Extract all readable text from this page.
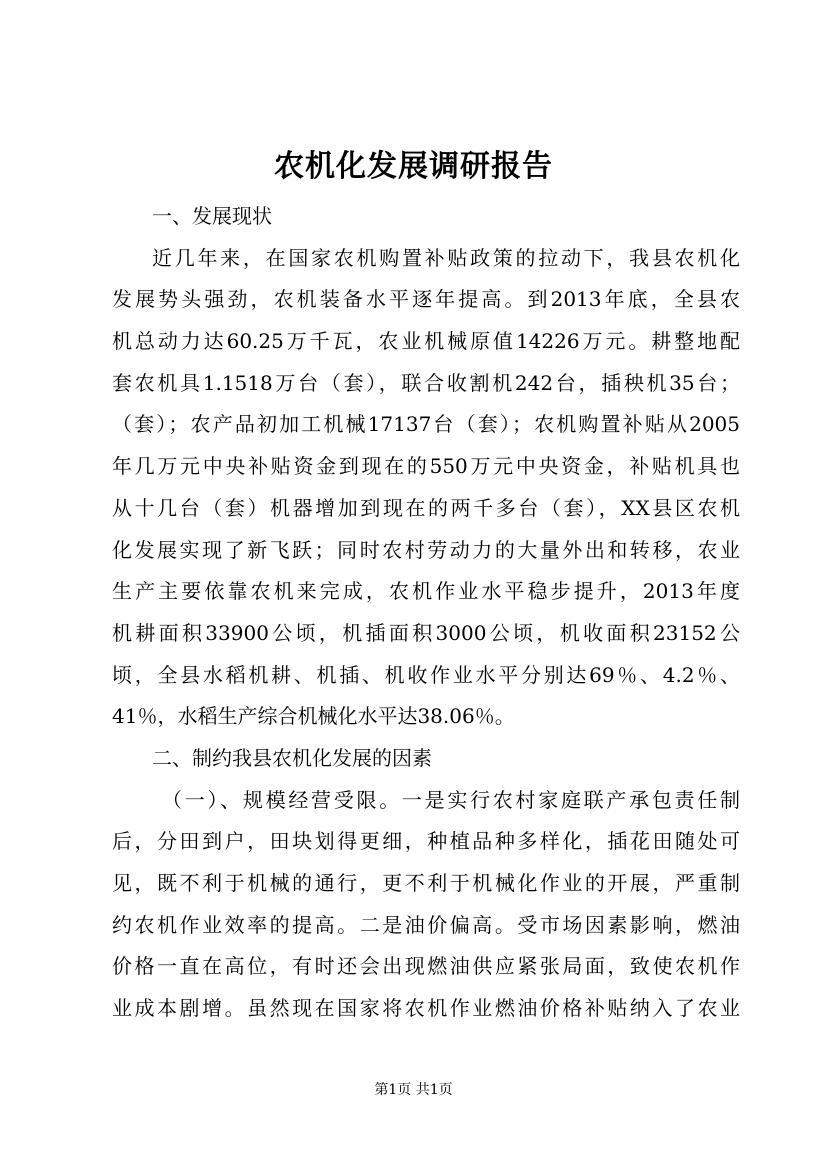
农机化发展调研报告
一、发展现状
近几年来，在国家农机购置补贴政策的拉动下，我县农机化
发展势头强劲，农机装备水平逐年提高。到2013年底，全县农
机总动力达60.25万千瓦，农业机械原值14226万元。耕整地配
套农机具1.1518万台（套），联合收割机242台，插秧机35台；
（套）；农产品初加工机械17137台（套）；农机购置补贴从2005
年几万元中央补贴资金到现在的550万元中央资金，补贴机具也
从十几台（套）机器增加到现在的两千多台（套），XX县区农机
化发展实现了新飞跃；同时农村劳动力的大量外出和转移，农业
生产主要依靠农机来完成，农机作业水平稳步提升，2013年度
机耕面积33900公顷，机插面积3000公顷，机收面积23152公
顷，全县水稻机耕、机插、机收作业水平分别达69％、4.2％、
41％，水稻生产综合机械化水平达38.06％。
二、制约我县农机化发展的因素
（一）、规模经营受限。一是实行农村家庭联产承包责任制
后，分田到户，田块划得更细，种植品种多样化，插花田随处可
见，既不利于机械的通行，更不利于机械化作业的开展，严重制
约农机作业效率的提高。二是油价偏高。受市场因素影响，燃油
价格一直在高位，有时还会出现燃油供应紧张局面，致使农机作
业成本剧增。虽然现在国家将农机作业燃油价格补贴纳入了农业
第1页 共1页
